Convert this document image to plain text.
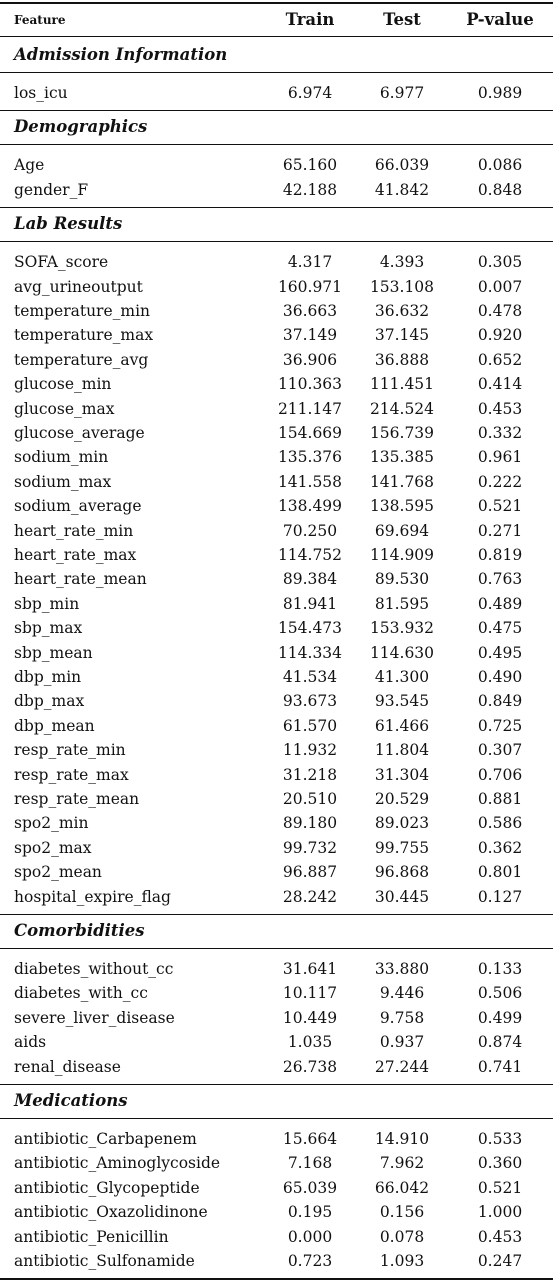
Feature	Train	Test	P-value
Admission Information
los_icu	6.974	6.977	0.989
Demographics
Age	65.160	66.039	0.086
gender_F	42.188	41.842	0.848
Lab Results
SOFA_score	4.317	4.393	0.305
avg_urineoutput	160.971	153.108	0.007
temperature_min	36.663	36.632	0.478
temperature_max	37.149	37.145	0.920
temperature_avg	36.906	36.888	0.652
glucose_min	110.363	111.451	0.414
glucose_max	211.147	214.524	0.453
glucose_average	154.669	156.739	0.332
sodium_min	135.376	135.385	0.961
sodium_max	141.558	141.768	0.222
sodium_average	138.499	138.595	0.521
heart_rate_min	70.250	69.694	0.271
heart_rate_max	114.752	114.909	0.819
heart_rate_mean	89.384	89.530	0.763
sbp_min	81.941	81.595	0.489
sbp_max	154.473	153.932	0.475
sbp_mean	114.334	114.630	0.495
dbp_min	41.534	41.300	0.490
dbp_max	93.673	93.545	0.849
dbp_mean	61.570	61.466	0.725
resp_rate_min	11.932	11.804	0.307
resp_rate_max	31.218	31.304	0.706
resp_rate_mean	20.510	20.529	0.881
spo2_min	89.180	89.023	0.586
spo2_max	99.732	99.755	0.362
spo2_mean	96.887	96.868	0.801
hospital_expire_flag	28.242	30.445	0.127
Comorbidities
diabetes_without_cc	31.641	33.880	0.133
diabetes_with_cc	10.117	9.446	0.506
severe_liver_disease	10.449	9.758	0.499
aids	1.035	0.937	0.874
renal_disease	26.738	27.244	0.741
Medications
antibiotic_Carbapenem	15.664	14.910	0.533
antibiotic_Aminoglycoside	7.168	7.962	0.360
antibiotic_Glycopeptide	65.039	66.042	0.521
antibiotic_Oxazolidinone	0.195	0.156	1.000
antibiotic_Penicillin	0.000	0.078	0.453
antibiotic_Sulfonamide	0.723	1.093	0.247
